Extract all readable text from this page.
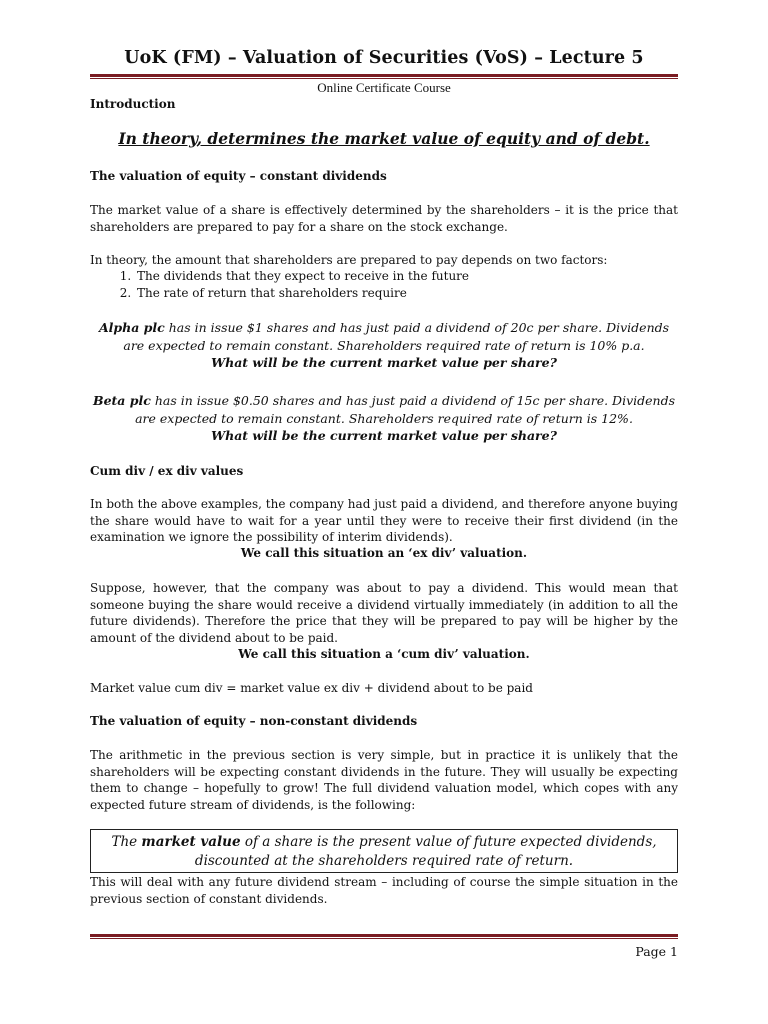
UoK (FM) – Valuation of Securities (VoS) – Lecture 5
Online Certificate Course
Introduction
In theory, determines the market value of equity and of debt.
The valuation of equity – constant dividends
The market value of a share is effectively determined by the shareholders – it is the price that shareholders are prepared to pay for a share on the stock exchange.
In theory, the amount that shareholders are prepared to pay depends on two factors:
1. The dividends that they expect to receive in the future
2. The rate of return that shareholders require
Alpha plc has in issue $1 shares and has just paid a dividend of 20c per share. Dividends are expected to remain constant. Shareholders required rate of return is 10% p.a.
What will be the current market value per share?
Beta plc has in issue $0.50 shares and has just paid a dividend of 15c per share. Dividends are expected to remain constant. Shareholders required rate of return is 12%.
What will be the current market value per share?
Cum div / ex div values
In both the above examples, the company had just paid a dividend, and therefore anyone buying the share would have to wait for a year until they were to receive their first dividend (in the examination we ignore the possibility of interim dividends).
We call this situation an ‘ex div’ valuation.
Suppose, however, that the company was about to pay a dividend. This would mean that someone buying the share would receive a dividend virtually immediately (in addition to all the future dividends). Therefore the price that they will be prepared to pay will be higher by the amount of the dividend about to be paid.
We call this situation a ‘cum div’ valuation.
Market value cum div = market value ex div + dividend about to be paid
The valuation of equity – non-constant dividends
The arithmetic in the previous section is very simple, but in practice it is unlikely that the shareholders will be expecting constant dividends in the future. They will usually be expecting them to change – hopefully to grow! The full dividend valuation model, which copes with any expected future stream of dividends, is the following:
The market value of a share is the present value of future expected dividends, discounted at the shareholders required rate of return.
This will deal with any future dividend stream – including of course the simple situation in the previous section of constant dividends.
Page 1
